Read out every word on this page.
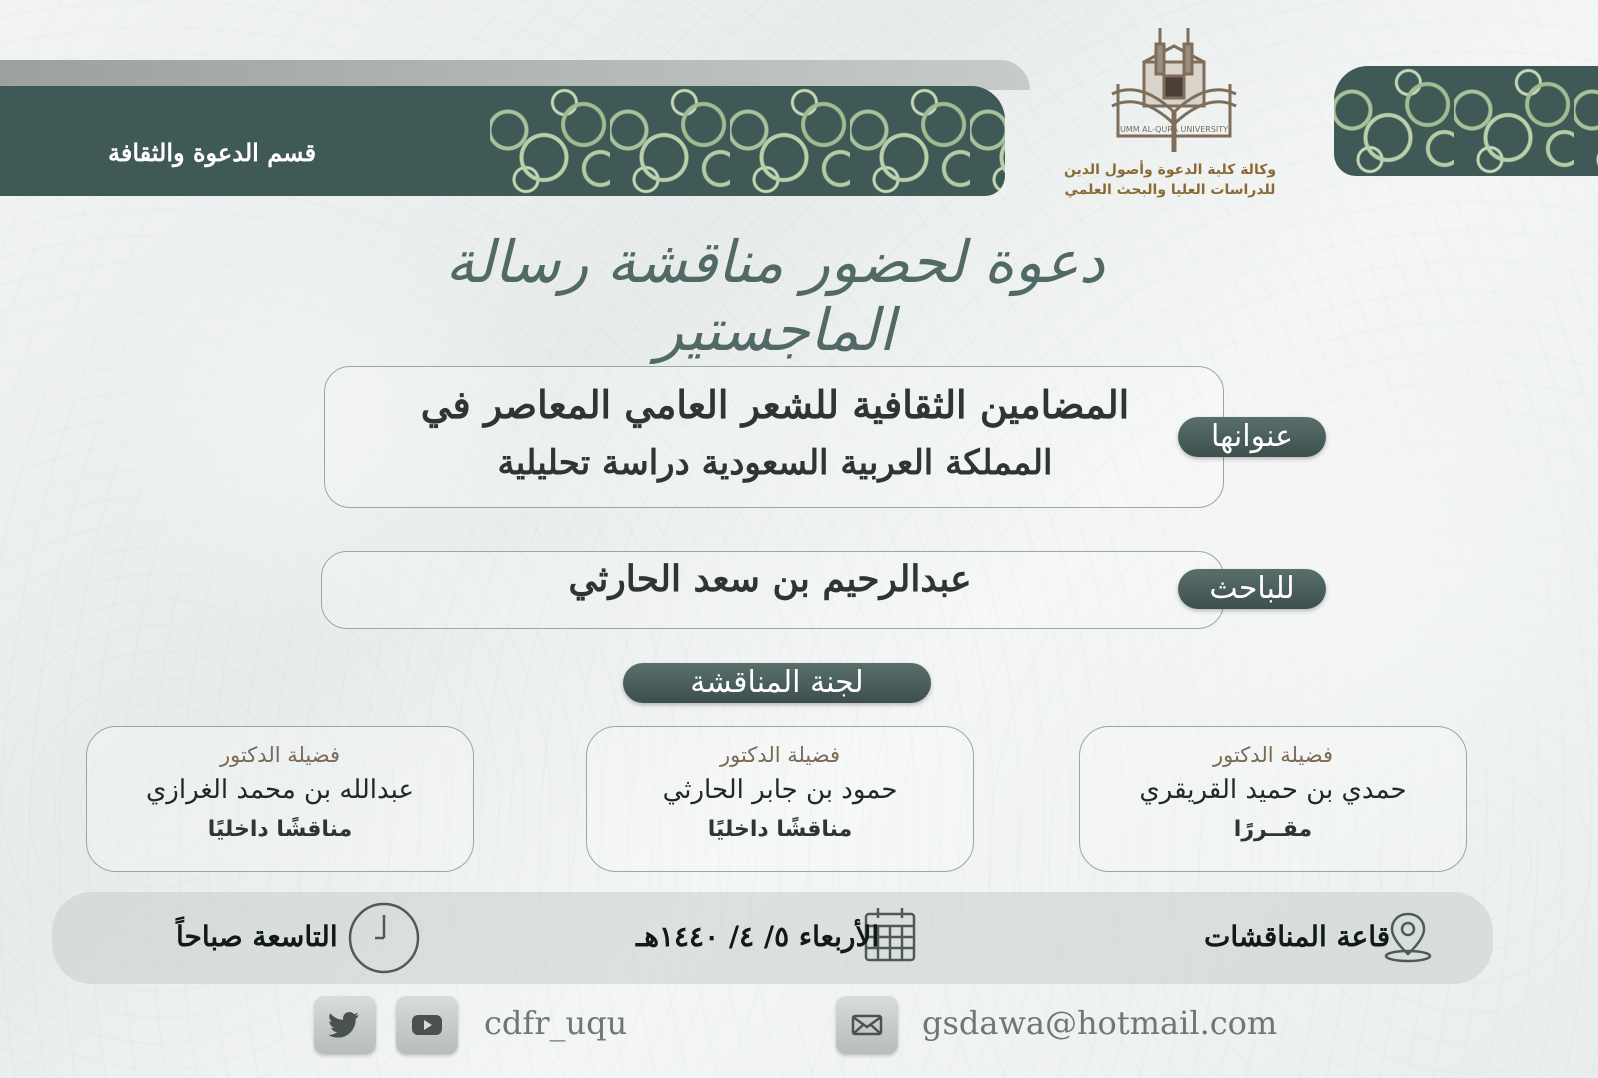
قسم الدعوة والثقافة
UMM AL-QURA UNIVERSITY
وكالة كلية الدعوة وأصول الدين
للدراسات العليا والبحث العلمي
دعوة لحضور مناقشة رسالة الماجستير
المضامين الثقافية للشعر العامي المعاصر في
المملكة العربية السعودية دراسة تحليلية
عنوانها
عبدالرحيم بن سعد الحارثي	للباحث
لجنة المناقشة
فضيلة الدكتور
حمدي بن حميد القريقري
مقــررًا
فضيلة الدكتور
حمود بن جابر الحارثي
مناقشًا داخليًا
فضيلة الدكتور
عبدالله بن محمد الغرازي
مناقشًا داخليًا
قاعة المناقشات
الأربعاء ٥/ ٤/ ١٤٤٠هـ
التاسعة صباحاً
cdfr_uqu	gsdawa@hotmail.com
